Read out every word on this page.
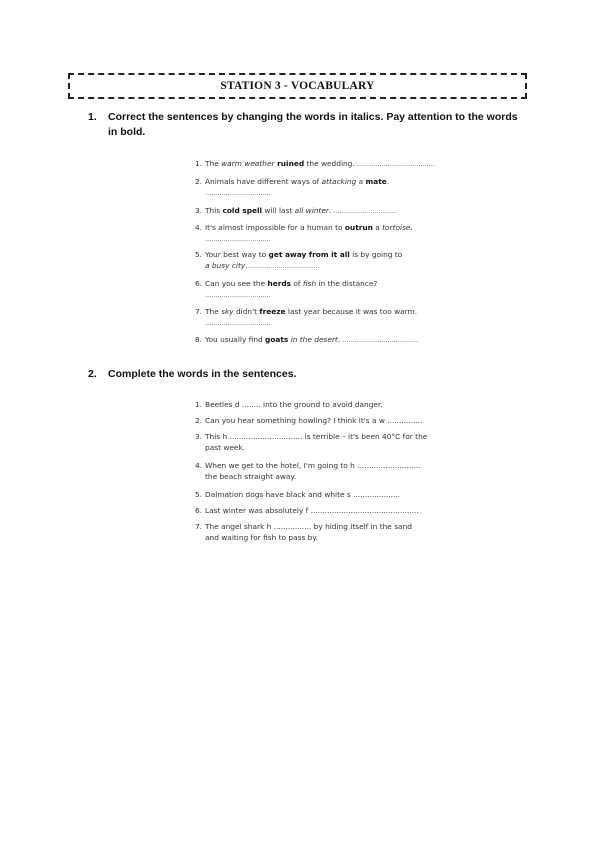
STATION 3 - VOCABULARY
1.	Correct the sentences by changing the words in italics. Pay attention to the words in bold.
1. The warm weather ruined the wedding. ......................................
2. Animals have different ways of attacking a mate.
................................
3. This cold spell will last all winter. ...............................
4. It's almost impossible for a human to outrun a tortoise.
................................
5. Your best way to get away from it all is by going to
a busy city....................................
6. Can you see the herds of fish in the distance?
................................
7. The sky didn't freeze last year because it was too warm.
................................
8. You usually find goats in the desert. .....................................
2.	Complete the words in the sentences.
1. Beetles d ........ into the ground to avoid danger.
2. Can you hear something howling? I think it's a w ...............
3. This h ............................... is terrible – it's been 40°C for the
past week.
4. When we get to the hotel, I'm going to h ...........................
the beach straight away.
5. Dalmation dogs have black and white s ....................
6. Last winter was absolutely f ..............................................
7. The angel shark h ................ by hiding itself in the sand
and waiting for fish to pass by.
